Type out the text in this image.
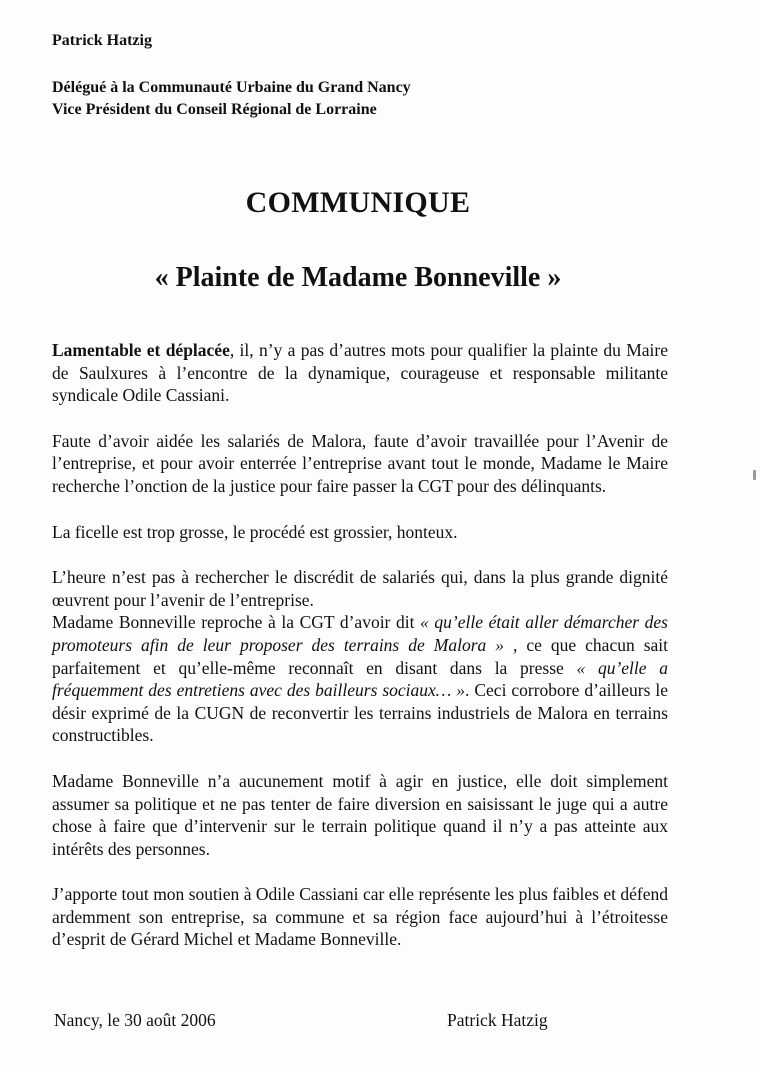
Patrick Hatzig
Délégué à la Communauté Urbaine du Grand Nancy
Vice Président du Conseil Régional de Lorraine
COMMUNIQUE
« Plainte de Madame Bonneville »

Lamentable et déplacée, il, n’y a pas d’autres mots pour qualifier la plainte du Maire de Saulxures à l’encontre de la dynamique, courageuse et responsable militante syndicale Odile Cassiani.

Faute d’avoir aidée les salariés de Malora, faute d’avoir travaillée pour l’Avenir de l’entreprise, et pour avoir enterrée l’entreprise avant tout le monde, Madame le Maire recherche l’onction de la justice pour faire passer la CGT pour des délinquants.

La ficelle est trop grosse, le procédé est grossier, honteux.

L’heure n’est pas à rechercher le discrédit de salariés qui, dans la plus grande dignité œuvrent pour l’avenir de l’entreprise.

Madame Bonneville reproche à la CGT d’avoir dit « qu’elle était aller démarcher des promoteurs afin de leur proposer des terrains de Malora » , ce que chacun sait parfaitement et qu’elle-même reconnaît en disant dans la presse « qu’elle a fréquemment des entretiens avec des bailleurs sociaux… ». Ceci corrobore d’ailleurs le désir exprimé de la CUGN de reconvertir les terrains industriels de Malora en terrains constructibles.

Madame Bonneville n’a aucunement motif à agir en justice, elle doit simplement assumer sa politique et ne pas tenter de faire diversion en saisissant le juge qui a autre chose à faire que d’intervenir sur le terrain politique quand il n’y a pas atteinte aux intérêts des personnes.

J’apporte tout mon soutien à Odile Cassiani car elle représente les plus faibles et défend ardemment son entreprise, sa commune et sa région face aujourd’hui à l’étroitesse d’esprit de Gérard Michel et Madame Bonneville.

Nancy, le 30 août 2006	Patrick Hatzig
